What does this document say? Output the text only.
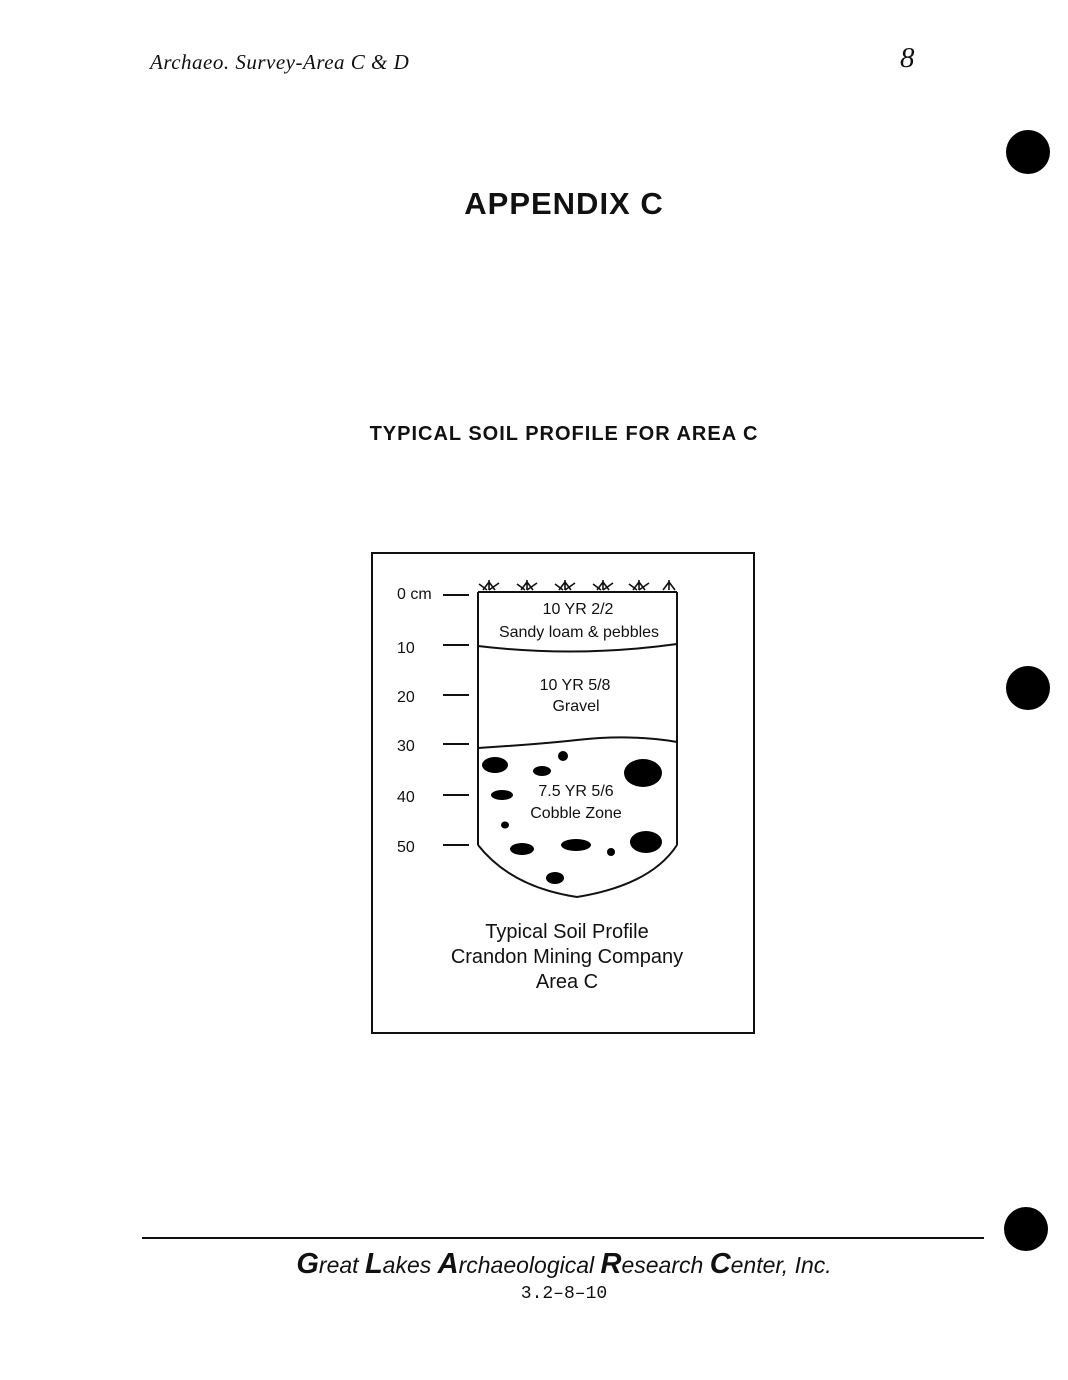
Archaeo. Survey-Area C & D	8
APPENDIX C
TYPICAL SOIL PROFILE FOR AREA C
0 cm
10
20
30
40
50
10 YR 2/2
Sandy loam & pebbles
10 YR 5/8
Gravel
7.5 YR 5/6
Cobble Zone
Typical Soil Profile
Crandon Mining Company
Area C
Great Lakes Archaeological Research Center, Inc.
3.2–8–10
